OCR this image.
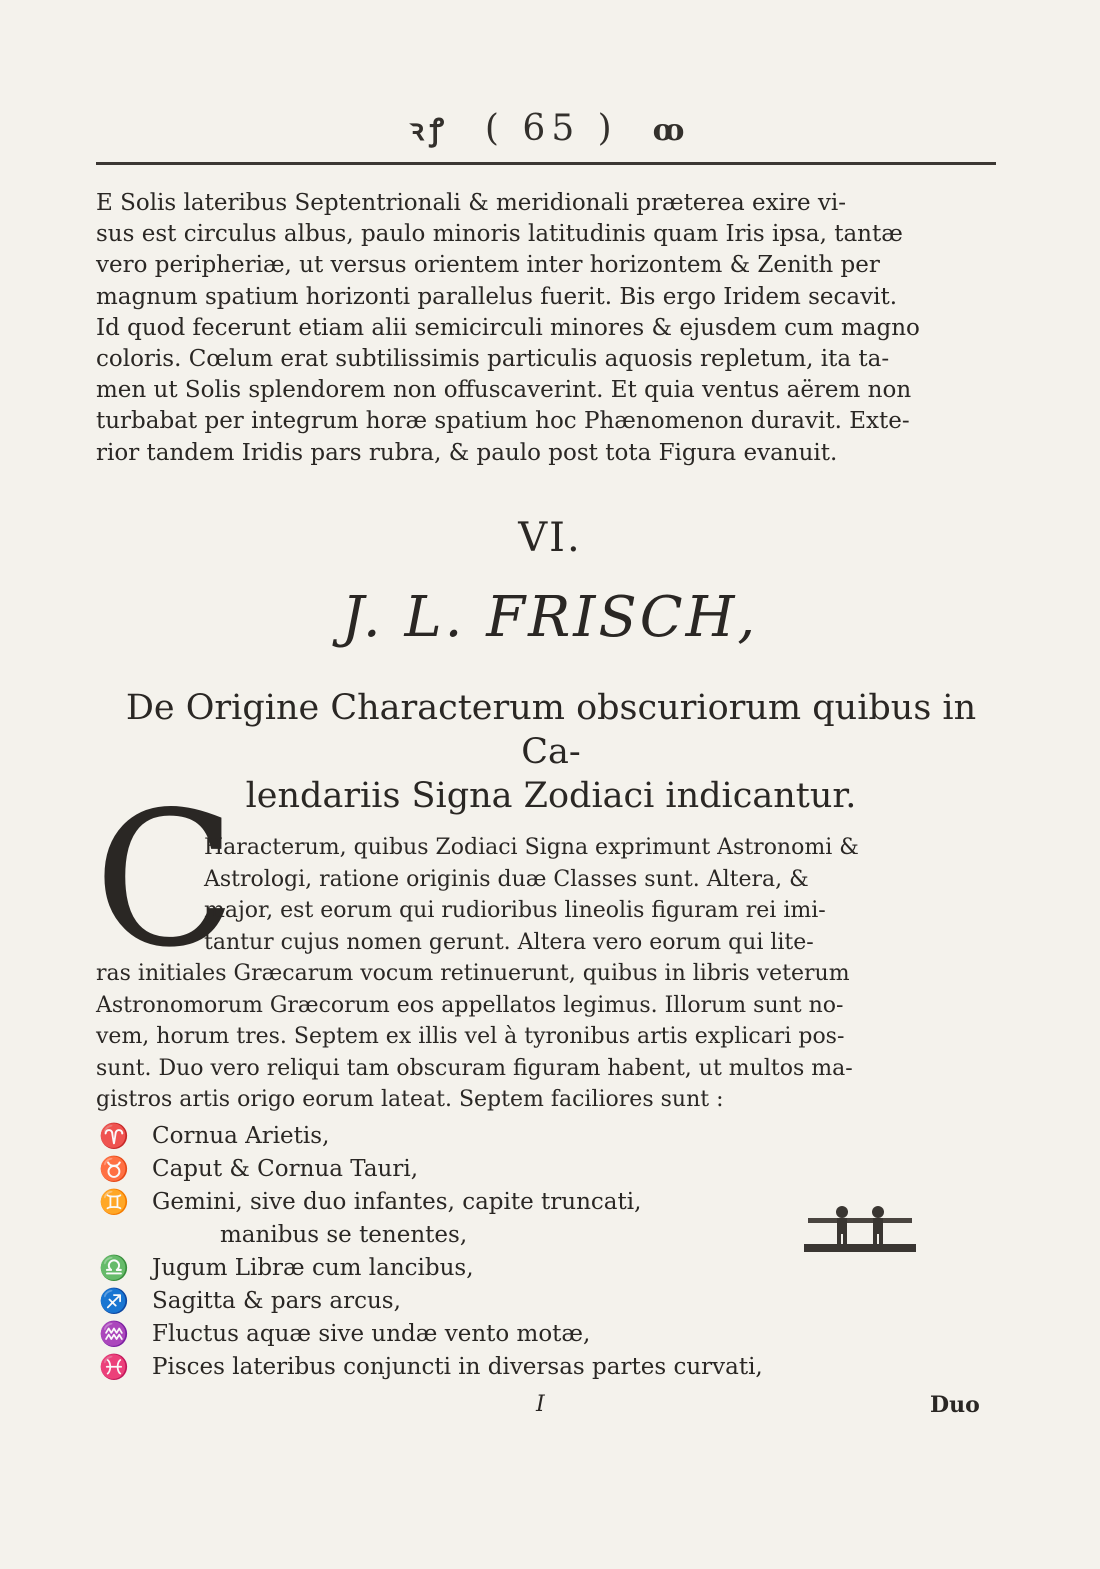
ꝛꝭ ( 65 ) ꝏ
E Solis lateribus Septentrionali & meridionali præterea exire vi-
sus est circulus albus, paulo minoris latitudinis quam Iris ipsa, tantæ
vero peripheriæ, ut versus orientem inter horizontem & Zenith per
magnum spatium horizonti parallelus fuerit. Bis ergo Iridem secavit.
Id quod fecerunt etiam alii semicirculi minores & ejusdem cum magno
coloris. Cœlum erat subtilissimis particulis aquosis repletum, ita ta-
men ut Solis splendorem non offuscaverint. Et quia ventus aërem non
turbabat per integrum horæ spatium hoc Phænomenon duravit. Exte-
rior tandem Iridis pars rubra, & paulo post tota Figura evanuit.
VI.
J. L. FRISCH,
De Origine Characterum obscuriorum quibus in Ca-
lendariis Signa Zodiaci indicantur.
C
Haracterum, quibus Zodiaci Signa exprimunt Astronomi &
Astrologi, ratione originis duæ Classes sunt. Altera, &
major, est eorum qui rudioribus lineolis figuram rei imi-
tantur cujus nomen gerunt. Altera vero eorum qui lite-
ras initiales Græcarum vocum retinuerunt, quibus in libris veterum
Astronomorum Græcorum eos appellatos legimus. Illorum sunt no-
vem, horum tres. Septem ex illis vel à tyronibus artis explicari pos-
sunt. Duo vero reliqui tam obscuram figuram habent, ut multos ma-
gistros artis origo eorum lateat. Septem faciliores sunt :
♈ Cornua Arietis,
♉ Caput & Cornua Tauri,
♊ Gemini, sive duo infantes, capite truncati,
manibus se tenentes,
♎ Jugum Libræ cum lancibus,
♐ Sagitta & pars arcus,
♒ Fluctus aquæ sive undæ vento motæ,
♓ Pisces lateribus conjuncti in diversas partes curvati,
I	Duo
